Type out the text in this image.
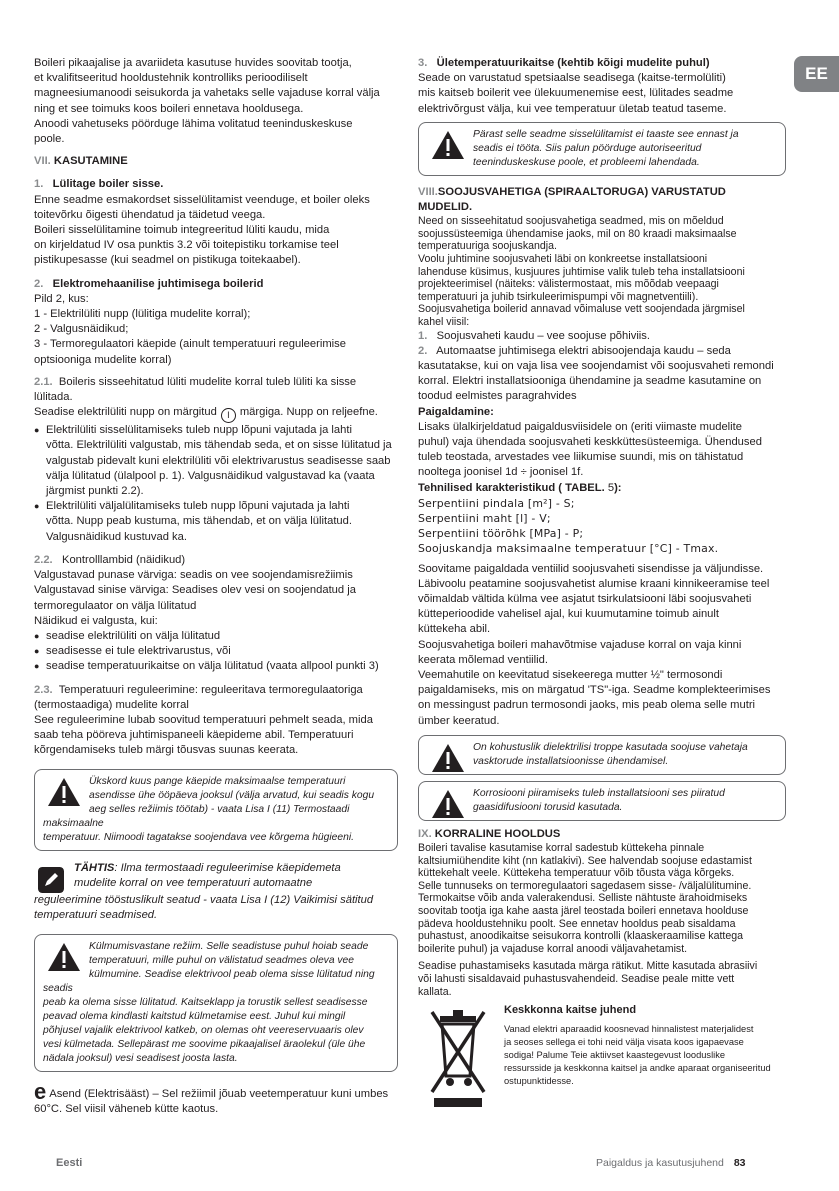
EE
Boileri pikaajalise ja avariideta kasutuse huvides soovitab tootja,
et kvalifitseeritud hooldustehnik kontrolliks perioodiliselt
magneesiumanoodi seisukorda ja vahetaks selle vajaduse korral välja
ning et see toimuks koos boileri ennetava hooldusega.
Anoodi vahetuseks pöörduge lähima volitatud teeninduskeskuse
poole.

VII. KASUTAMINE

1. Lülitage boiler sisse.

Enne seadme esmakordset sisselülitamist veenduge, et boiler oleks
toitevõrku õigesti ühendatud ja täidetud veega.
Boileri sisselülitamine toimub integreeritud lüliti kaudu, mida
on kirjeldatud IV osa punktis 3.2 või toitepistiku torkamise teel
pistikupesasse (kui seadmel on pistikuga toitekaabel).

2. Elektromehaanilise juhtimisega boilerid

Pild 2, kus:
1 - Elektrilüliti nupp (lülitiga mudelite korral);
2 - Valgusnäidikud;
3 - Termoregulaatori käepide (ainult temperatuuri reguleerimise
optsiooniga mudelite korral)
2.1. Boileris sisseehitatud lüliti mudelite korral tuleb lüliti ka sisse
lülitada.

Seadise elektrilüliti nupp on märgitud I märgiga. Nupp on reljeefne.

● Elektrilüliti sisselülitamiseks tuleb nupp lõpuni vajutada ja lahti
võtta. Elektrilüliti valgustab, mis tähendab seda, et on sisse lülitatud ja
valgustab pidevalt kuni elektrilüliti või elektrivarustus seadisesse saab
välja lülitatud (ülalpool p. 1). Valgusnäidikud valgustavad ka (vaata
järgmist punkti 2.2).
● Elektrilüliti väljalülitamiseks tuleb nupp lõpuni vajutada ja lahti
võtta. Nupp peab kustuma, mis tähendab, et on välja lülitatud.
Valgusnäidikud kustuvad ka.

2.2. Kontrolllambid (näidikud)

Valgustavad punase värviga: seadis on vee soojendamisrežiimis
Valgustavad sinise värviga: Seadises olev vesi on soojendatud ja
termoregulaator on välja lülitatud
Näidikud ei valgusta, kui:
● seadise elektrilüliti on välja lülitatud
● seadisesse ei tule elektrivarustus, või
● seadise temperatuurikaitse on välja lülitatud (vaata allpool punkti 3)
2.3. Temperatuuri reguleerimine: reguleeritava termoregulaatoriga
(termostaadiga) mudelite korral
See reguleerimine lubab soovitud temperatuuri pehmelt seada, mida
saab teha pööreva juhtimispaneeli käepideme abil. Temperatuuri
kõrgendamiseks tuleb märgi tõusvas suunas keerata.
Ükskord kuus pange käepide maksimaalse temperatuuri
asendisse ühe ööpäeva jooksul (välja arvatud, kui seadis kogu
aeg selles režiimis töötab) - vaata Lisa I (11) Termostaadi maksimaalne
temperatuur. Niimoodi tagatakse soojendava vee kõrgema hügieeni.
TÄHTIS: Ilma termostaadi reguleerimise käepidemeta
mudelite korral on vee temperatuuri automaatne
reguleerimine tööstuslikult seatud - vaata Lisa I (12) Vaikimisi sätitud
temperatuuri seadmised.
Külmumisvastane režiim. Selle seadistuse puhul hoiab seade
temperatuuri, mille puhul on välistatud seadmes oleva vee
külmumine. Seadise elektrivool peab olema sisse lülitatud ning seadis
peab ka olema sisse lülitatud. Kaitseklapp ja torustik sellest seadisesse
peavad olema kindlasti kaitstud külmetamise eest. Juhul kui mingil
põhjusel vajalik elektrivool katkeb, on olemas oht veereservuaaris olev
vesi külmetada. Sellepärast me soovime pikaajalisel äraolekul (üle ühe
nädala jooksul) vesi seadisest joosta lasta.

e Asend (Elektrisääst) – Sel režiimil jõuab veetemperatuur kuni umbes
60°C. Sel viisil väheneb kütte kaotus.

3. Ületemperatuurikaitse (kehtib kõigi mudelite puhul)

Seade on varustatud spetsiaalse seadisega (kaitse-termolüliti)
mis kaitseb boilerit vee ülekuumenemise eest, lülitades seadme
elektrivõrgust välja, kui vee temperatuur ületab teatud taseme.
Pärast selle seadme sisselülitamist ei taaste see ennast ja
seadis ei tööta. Siis palun pöörduge autoriseeritud
teeninduskeskuse poole, et probleemi lahendada.
VIII.SOOJUSVAHETIGA (SPIRAALTORUGA) VARUSTATUD
MUDELID.
Need on sisseehitatud soojusvahetiga seadmed, mis on mõeldud
soojussüsteemiga ühendamise jaoks, mil on 80 kraadi maksimaalse
temperatuuriga soojuskandja.
Voolu juhtimine soojusvaheti läbi on konkreetse installatsiooni
lahenduse küsimus, kusjuures juhtimise valik tuleb teha installatsiooni
projekteerimisel (näiteks: välistermostaat, mis mõõdab veepaagi
temperatuuri ja juhib tsirkuleerimispumpi või magnetventiili).
Soojusvahetiga boilerid annavad võimaluse vett soojendada järgmisel
kahel viisil:

1. Soojusvaheti kaudu – vee soojuse põhiviis.

2. Automaatse juhtimisega elektri abisoojendaja kaudu – seda
kasutatakse, kui on vaja lisa vee soojendamist või soojusvaheti remondi
korral. Elektri installatsiooniga ühendamine ja seadme kasutamine on
toodud eelmistes paragrahvides

Paigaldamine:

Lisaks ülalkirjeldatud paigaldusviisidele on (eriti viimaste mudelite
puhul) vaja ühendada soojusvaheti keskküttesüsteemiga. Ühendused
tuleb teostada, arvestades vee liikumise suundi, mis on tähistatud
nooltega joonisel 1d ÷ joonisel 1f.

Tehnilised karakteristikud ( TABEL. 5):

Serpentiini pindala [m²] - S;
Serpentiini maht [l] - V;
Serpentiini töörõhk [MPa] - P;
Soojuskandja maksimaalne temperatuur [°C] - Tmax.
Soovitame paigaldada ventiilid soojusvaheti sisendisse ja väljundisse.
Läbivoolu peatamine soojusvahetist alumise kraani kinnikeeramise teel
võimaldab vältida külma vee asjatut tsirkulatsiooni läbi soojusvaheti
kütteperioodide vahelisel ajal, kui kuumutamine toimub ainult
küttekeha abil.
Soojusvahetiga boileri mahavõtmise vajaduse korral on vaja kinni
keerata mõlemad ventiilid.
Veemahutile on keevitatud sisekeerega mutter ½" termosondi
paigaldamiseks, mis on märgatud 'TS"-iga. Seadme komplekteerimises
on messingust padrun termosondi jaoks, mis peab olema selle mutri
ümber keeratud.
On kohustuslik dielektrilisi troppe kasutada soojuse vahetaja
vasktorude installatsioonisse ühendamisel.
Korrosiooni piiramiseks tuleb installatsiooni ses piiratud
gaasidifusiooni torusid kasutada.

IX. KORRALINE HOOLDUS

Boileri tavalise kasutamise korral sadestub küttekeha pinnale
kaltsiumiühendite kiht (nn katlakivi). See halvendab soojuse edastamist
küttekehalt veele. Küttekeha temperatuur võib tõusta väga kõrgeks.
Selle tunnuseks on termoregulaatori sagedasem sisse- /väljalülitumine.
Termokaitse võib anda valerakendusi. Selliste nähtuste ärahoidmiseks
soovitab tootja iga kahe aasta järel teostada boileri ennetava hoolduse
pädeva hooldustehniku poolt. See ennetav hooldus peab sisaldama
puhastust, anoodikaitse seisukorra kontrolli (klaaskeraamilise kattega
boilerite puhul) ja vajaduse korral anoodi väljavahetamist.
Seadise puhastamiseks kasutada märga rätikut. Mitte kasutada abrasiivi
või lahusti sisaldavaid puhastusvahendeid. Seadise peale mitte vett
kallata.
Keskkonna kaitse juhend
Vanad elektri aparaadid koosnevad hinnalistest materjalidest
ja seoses sellega ei tohi neid välja visata koos igapaevase
sodiga! Palume Teie aktiivset kaastegevust looduslike
ressursside ja keskkonna kaitsel ja andke aparaat organiseeritud
ostupunktidesse.
Eesti	Paigaldus ja kasutusjuhend 83
